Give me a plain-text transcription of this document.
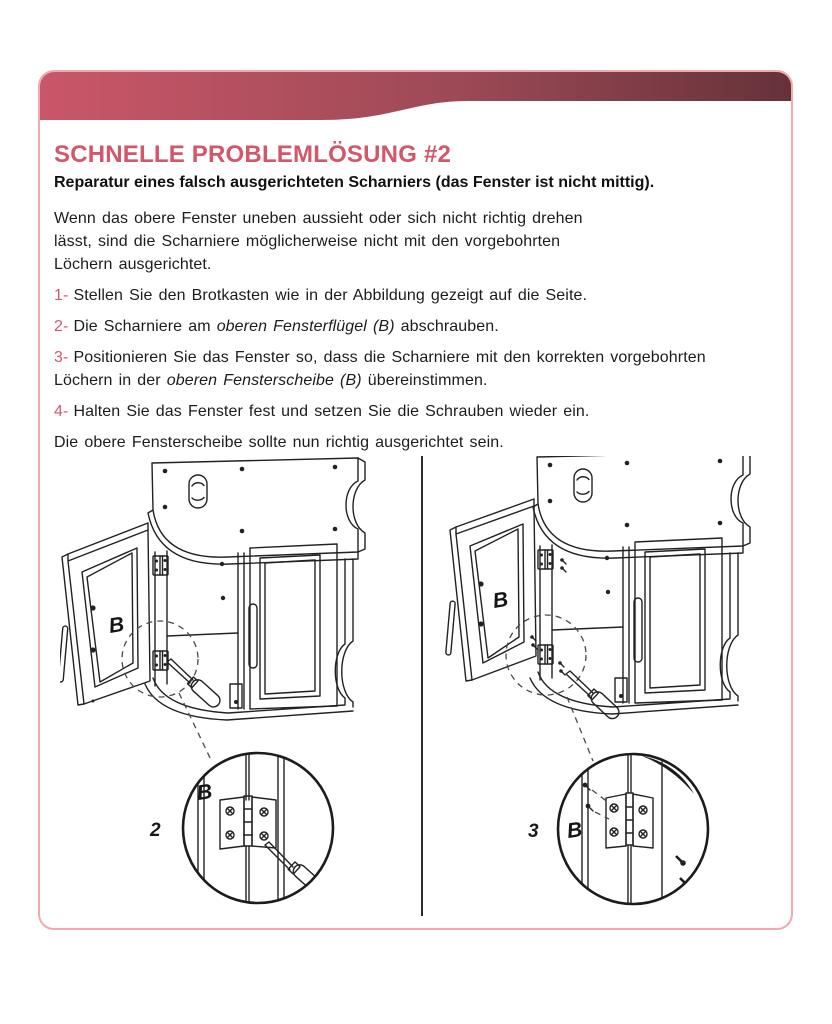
SCHNELLE PROBLEMLÖSUNG #2
Reparatur eines falsch ausgerichteten Scharniers (das Fenster ist nicht mittig).
Wenn das obere Fenster uneben aussieht oder sich nicht richtig drehen
lässt, sind die Scharniere möglicherweise nicht mit den vorgebohrten
Löchern ausgerichtet.
1- Stellen Sie den Brotkasten wie in der Abbildung gezeigt auf die Seite.
2- Die Scharniere am oberen Fensterflügel (B) abschrauben.
3- Positionieren Sie das Fenster so, dass die Scharniere mit den korrekten vorgebohrten
Löchern in der oberen Fensterscheibe (B) übereinstimmen.
4- Halten Sie das Fenster fest und setzen Sie die Schrauben wieder ein.
Die obere Fensterscheibe sollte nun richtig ausgerichtet sein.
B
B
2
B
B
3
